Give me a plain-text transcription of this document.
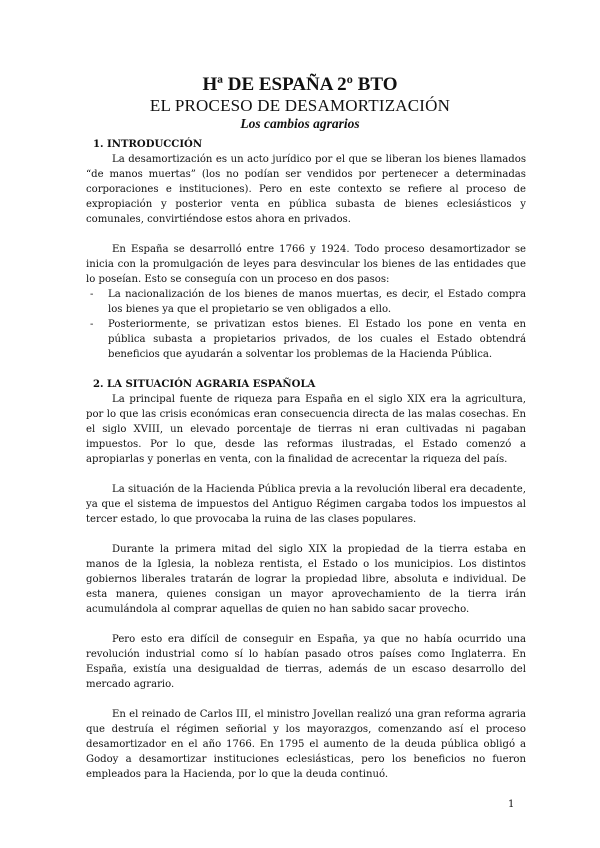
Hª DE ESPAÑA 2º BTO
EL PROCESO DE DESAMORTIZACIÓN
Los cambios agrarios
1. INTRODUCCIÓN

La desamortización es un acto jurídico por el que se liberan los bienes llamados “de manos muertas” (los no podían ser vendidos por pertenecer a determinadas corporaciones e instituciones). Pero en este contexto se refiere al proceso de expropiación y posterior venta en pública subasta de bienes eclesiásticos y comunales, convirtiéndose estos ahora en privados.

En España se desarrolló entre 1766 y 1924. Todo proceso desamortizador se inicia con la promulgación de leyes para desvincular los bienes de las entidades que lo poseían. Esto se conseguía con un proceso en dos pasos:

- La nacionalización de los bienes de manos muertas, es decir, el Estado compra los bienes ya que el propietario se ven obligados a ello.
- Posteriormente, se privatizan estos bienes. El Estado los pone en venta en pública subasta a propietarios privados, de los cuales el Estado obtendrá beneficios que ayudarán a solventar los problemas de la Hacienda Pública.
2. LA SITUACIÓN AGRARIA ESPAÑOLA

La principal fuente de riqueza para España en el siglo XIX era la agricultura, por lo que las crisis económicas eran consecuencia directa de las malas cosechas. En el siglo XVIII, un elevado porcentaje de tierras ni eran cultivadas ni pagaban impuestos. Por lo que, desde las reformas ilustradas, el Estado comenzó a apropiarlas y ponerlas en venta, con la finalidad de acrecentar la riqueza del país.

La situación de la Hacienda Pública previa a la revolución liberal era decadente, ya que el sistema de impuestos del Antiguo Régimen cargaba todos los impuestos al tercer estado, lo que provocaba la ruina de las clases populares.

Durante la primera mitad del siglo XIX la propiedad de la tierra estaba en manos de la Iglesia, la nobleza rentista, el Estado o los municipios. Los distintos gobiernos liberales tratarán de lograr la propiedad libre, absoluta e individual. De esta manera, quienes consigan un mayor aprovechamiento de la tierra irán acumulándola al comprar aquellas de quien no han sabido sacar provecho.

Pero esto era difícil de conseguir en España, ya que no había ocurrido una revolución industrial como sí lo habían pasado otros países como Inglaterra. En España, existía una desigualdad de tierras, además de un escaso desarrollo del mercado agrario.

En el reinado de Carlos III, el ministro Jovellan realizó una gran reforma agraria que destruía el régimen señorial y los mayorazgos, comenzando así el proceso desamortizador en el año 1766. En 1795 el aumento de la deuda pública obligó a Godoy a desamortizar instituciones eclesiásticas, pero los beneficios no fueron empleados para la Hacienda, por lo que la deuda continuó.

1
